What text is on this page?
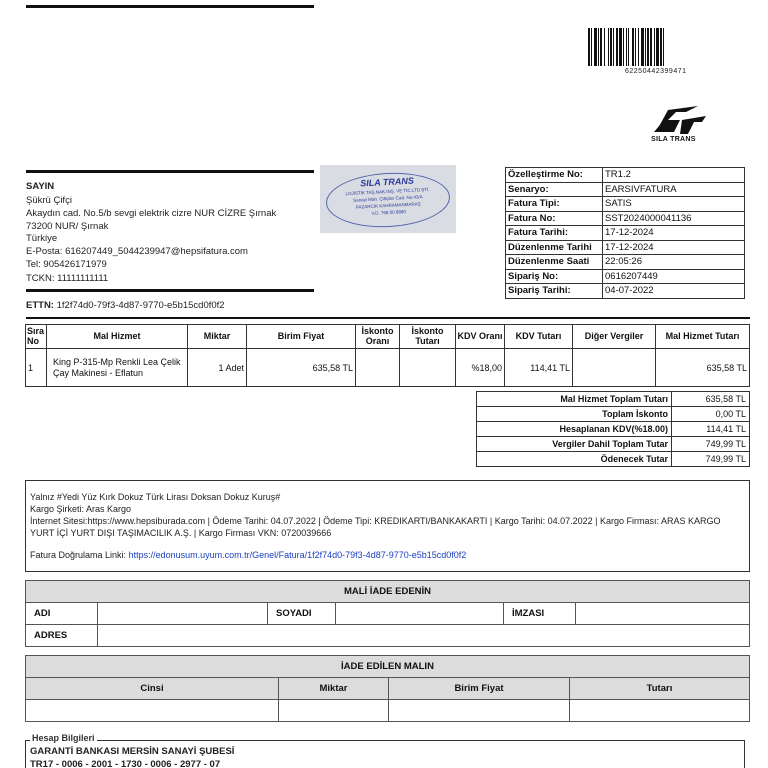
62250442399471
SILA TRANS
SAYIN
Şükrü Çifçi
Akaydın cad. No.5/b sevgi elektrik cizre NUR CİZRE Şırnak
73200 NUR/ Şırnak
Türkiye
E-Posta: 616207449_5044239947@hepsifatura.com
Tel: 905426171979
TCKN: 11111111111
SILA TRANS
LOJİSTİK TAŞ.NAK.İNŞ. VE TİC.LTD.ŞTİ.
Sanayi Mah. Çiftçiler Cad. No:43/A
PAZARCIK KAHRAMANMARAŞ
V.D. 768 00 8880
Özelleştirme No:	TR1.2
Senaryo:	EARSIVFATURA
Fatura Tipi:	SATIS
Fatura No:	SST2024000041136
Fatura Tarihi:	17-12-2024
Düzenlenme Tarihi	17-12-2024
Düzenlenme Saati	22:05:26
Sipariş No:	0616207449
Sipariş Tarihi:	04-07-2022
ETTN: 1f2f74d0-79f3-4d87-9770-e5b15cd0f0f2
Sıra No	Mal Hizmet	Miktar	Birim Fiyat	İskonto Oranı	İskonto Tutarı	KDV Oranı	KDV Tutarı	Diğer Vergiler	Mal Hizmet Tutarı
1	King P-315-Mp Renkli Lea Çelik Çay Makinesi - Eflatun	1 Adet	635,58 TL			%18,00	114,41 TL		635,58 TL
Mal Hizmet Toplam Tutarı	635,58 TL
Toplam İskonto	0,00 TL
Hesaplanan KDV(%18.00)	114,41 TL
Vergiler Dahil Toplam Tutar	749,99 TL
Ödenecek Tutar	749,99 TL
Yalnız #Yedi Yüz Kırk Dokuz Türk Lirası Doksan Dokuz Kuruş#
Kargo Şirketi: Aras Kargo
İnternet Sitesi:https://www.hepsiburada.com | Ödeme Tarihi: 04.07.2022 | Ödeme Tipi: KREDIKARTI/BANKAKARTI | Kargo Tarihi: 04.07.2022 | Kargo Firması: ARAS KARGO YURT İÇİ YURT DIŞI TAŞIMACILIK A.Ş. | Kargo Firması VKN: 0720039666
Fatura Doğrulama Linki: https://edonusum.uyum.com.tr/Genel/Fatura/1f2f74d0-79f3-4d87-9770-e5b15cd0f0f2
MALİ İADE EDENİN					
ADI		SOYADI		İMZASI	
ADRES					
İADE EDİLEN MALIN			
Cinsi	Miktar	Birim Fiyat	Tutarı

Hesap Bilgileri
GARANTİ BANKASI MERSİN SANAYİ ŞUBESİ
TR17 - 0006 - 2001 - 1730 - 0006 - 2977 - 07
